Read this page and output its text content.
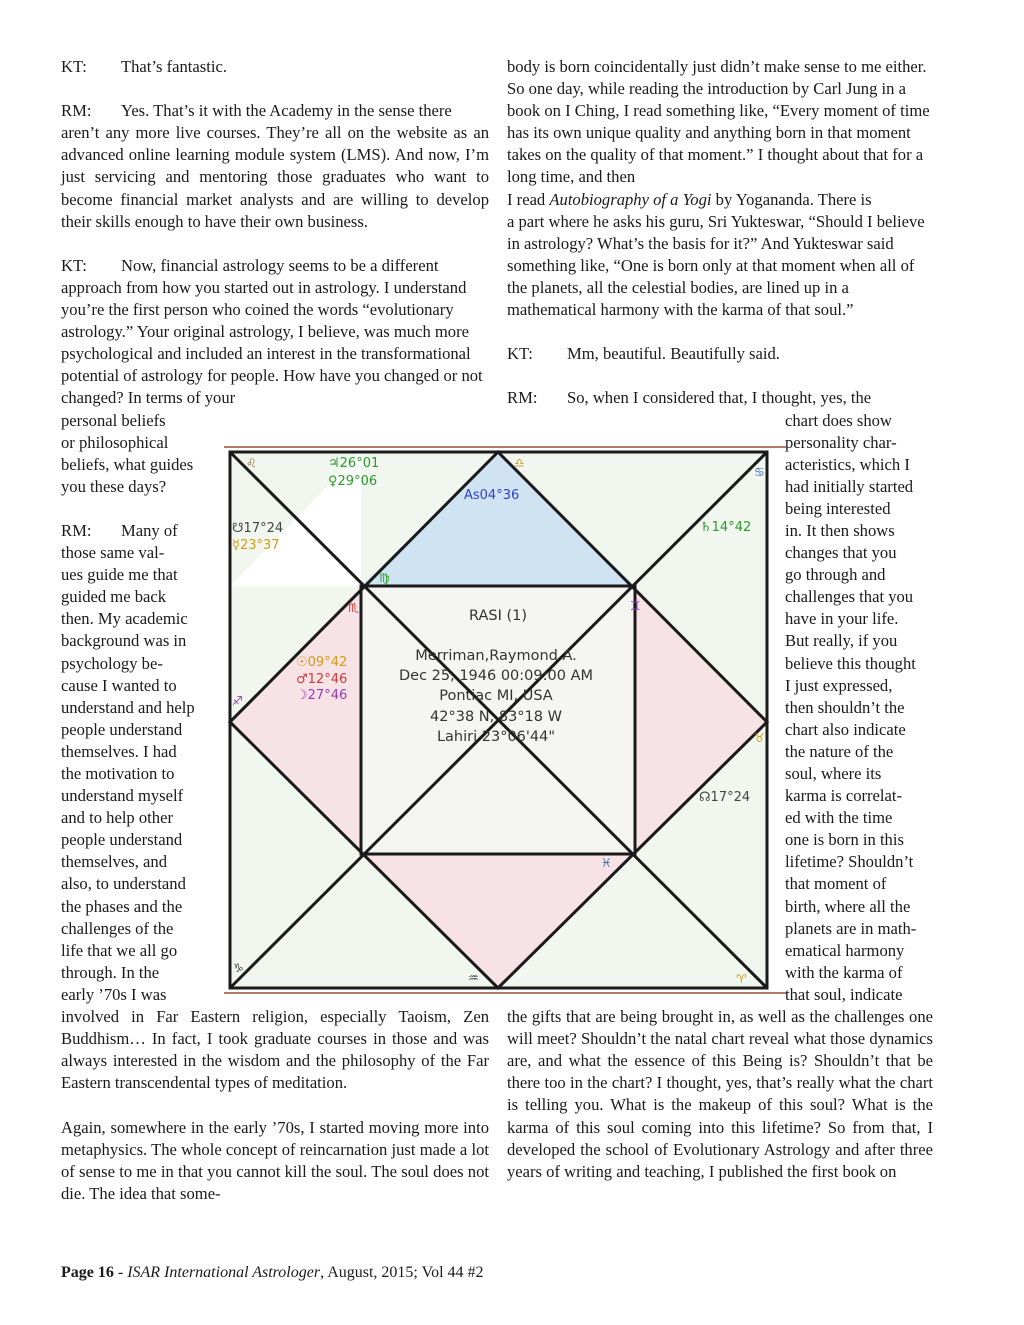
KT: That’s fantastic.

RM: Yes. That’s it with the Academy in the sense there
aren’t any more live courses. They’re all on the website as an advanced online learning module system (LMS). And now, I’m just servicing and mentoring those graduates who want to become financial market analysts and are willing to develop their skills enough to have their own business.

KT: Now, financial astrology seems to be a different
approach from how you started out in astrology. I understand you’re the first person who coined the words “evolutionary astrology.” Your original astrology, I believe, was much more psychological and included an interest in the transformational potential of astrology for people. How have you changed or not changed? In terms of your

personal beliefs
or philosophical
beliefs, what guides
you these days?
RM: Many of
those same val-
ues guide me that
guided me back
then. My academic
background was in
psychology be-
cause I wanted to
understand and help
people understand
themselves. I had
the motivation to
understand myself
and to help other
people understand
themselves, and
also, to understand
the phases and the
challenges of the
life that we all go
through. In the
early ’70s I was

involved in Far Eastern religion, especially Taoism, Zen Buddhism… In fact, I took graduate courses in those and was always interested in the wisdom and the philosophy of the Far Eastern transcendental types of meditation.

Again, somewhere in the early ’70s, I started moving more into metaphysics. The whole concept of reincarnation just made a lot of sense to me in that you cannot kill the soul. The soul does not die. The idea that some-

body is born coincidentally just didn’t make sense to me either. So one day, while reading the introduction by Carl Jung in a book on I Ching, I read something like, “Every moment of time has its own unique quality and anything born in that moment takes on the quality of that moment.” I thought about that for a long time, and then
I read Autobiography of a Yogi by Yogananda. There is
a part where he asks his guru, Sri Yukteswar, “Should I believe in astrology? What’s the basis for it?” And Yukteswar said something like, “One is born only at that moment when all of the planets, all the celestial bodies, are lined up in a mathematical harmony with the karma of that soul.”

KT: Mm, beautiful. Beautifully said.

RM: So, when I considered that, I thought, yes, the
chart does show
personality char-
acteristics, which I
had initially started
being interested
in. It then shows
changes that you
go through and
challenges that you
have in your life.
But really, if you
believe this thought
I just expressed,
then shouldn’t the
chart also indicate
the nature of the
soul, where its
karma is correlat-
ed with the time
one is born in this
lifetime? Shouldn’t
that moment of
birth, where all the
planets are in math-
ematical harmony
with the karma of
that soul, indicate

the gifts that are being brought in, as well as the challenges one will meet? Shouldn’t the natal chart reveal what those dynamics are, and what the essence of this Being is? Shouldn’t that be there too in the chart? I thought, yes, that’s really what the chart is telling you. What is the makeup of this soul? What is the karma of this soul coming into this lifetime? So from that, I developed the school of Evolutionary Astrology and after three years of writing and teaching, I published the first book on

RASI (1)
Merriman,Raymond A.
Dec 25, 1946 00:09:00 AM
Pontiac MI, USA
42°38 N, 83°18 W
Lahiri 23°06'44"
♃26°01
♀29°06
As04°36
☋17°24
☿23°37
♄14°42
☉09°42
♂12°46
☽27°46
☊17°24
♌	♎
♋
♍
♏	♊
♐
♉
♓
♑
♒	♈
Page 16 - ISAR International Astrologer, August, 2015; Vol 44 #2
